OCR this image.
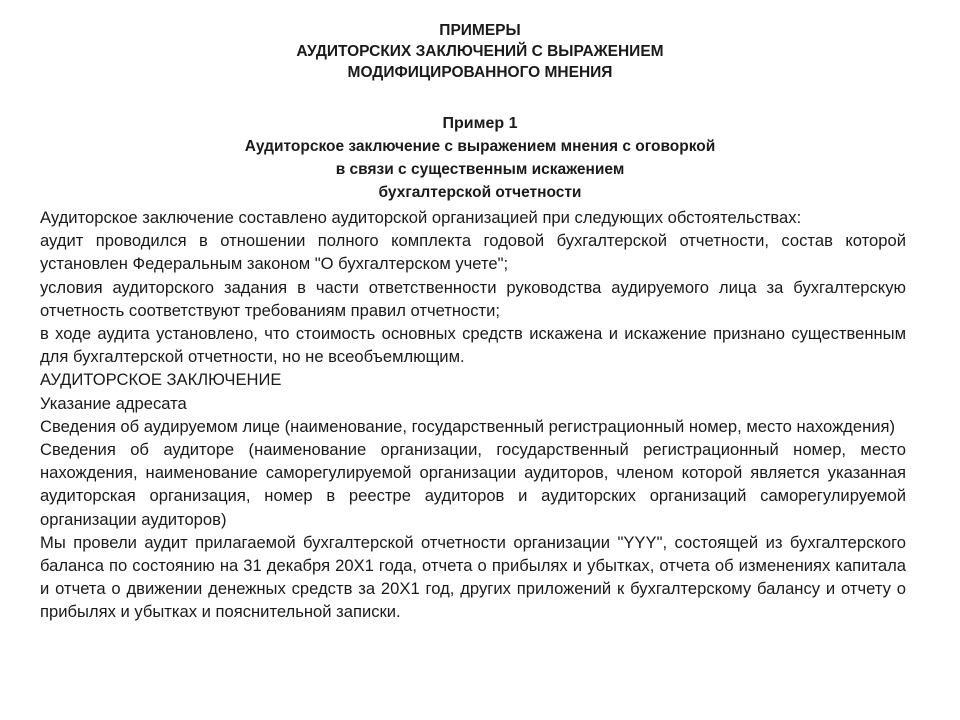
ПРИМЕРЫ
АУДИТОРСКИХ ЗАКЛЮЧЕНИЙ С ВЫРАЖЕНИЕМ
МОДИФИЦИРОВАННОГО МНЕНИЯ
Пример 1
Аудиторское заключение с выражением мнения с оговоркой
в связи с существенным искажением
бухгалтерской отчетности

Аудиторское заключение составлено аудиторской организацией при следующих обстоятельствах:

аудит проводился в отношении полного комплекта годовой бухгалтерской отчетности, состав которой установлен Федеральным законом "О бухгалтерском учете";

условия аудиторского задания в части ответственности руководства аудируемого лица за бухгалтерскую отчетность соответствуют требованиям правил отчетности;

в ходе аудита установлено, что стоимость основных средств искажена и искажение признано существенным для бухгалтерской отчетности, но не всеобъемлющим.

АУДИТОРСКОЕ ЗАКЛЮЧЕНИЕ

Указание адресата

Сведения об аудируемом лице (наименование, государственный регистрационный номер, место нахождения)

Сведения об аудиторе (наименование организации, государственный регистрационный номер, место нахождения, наименование саморегулируемой организации аудиторов, членом которой является указанная аудиторская организация, номер в реестре аудиторов и аудиторских организаций саморегулируемой организации аудиторов)

Мы провели аудит прилагаемой бухгалтерской отчетности организации "YYY", состоящей из бухгалтерского баланса по состоянию на 31 декабря 20Х1 года, отчета о прибылях и убытках, отчета об изменениях капитала и отчета о движении денежных средств за 20Х1 год, других приложений к бухгалтерскому балансу и отчету о прибылях и убытках и пояснительной записки.
